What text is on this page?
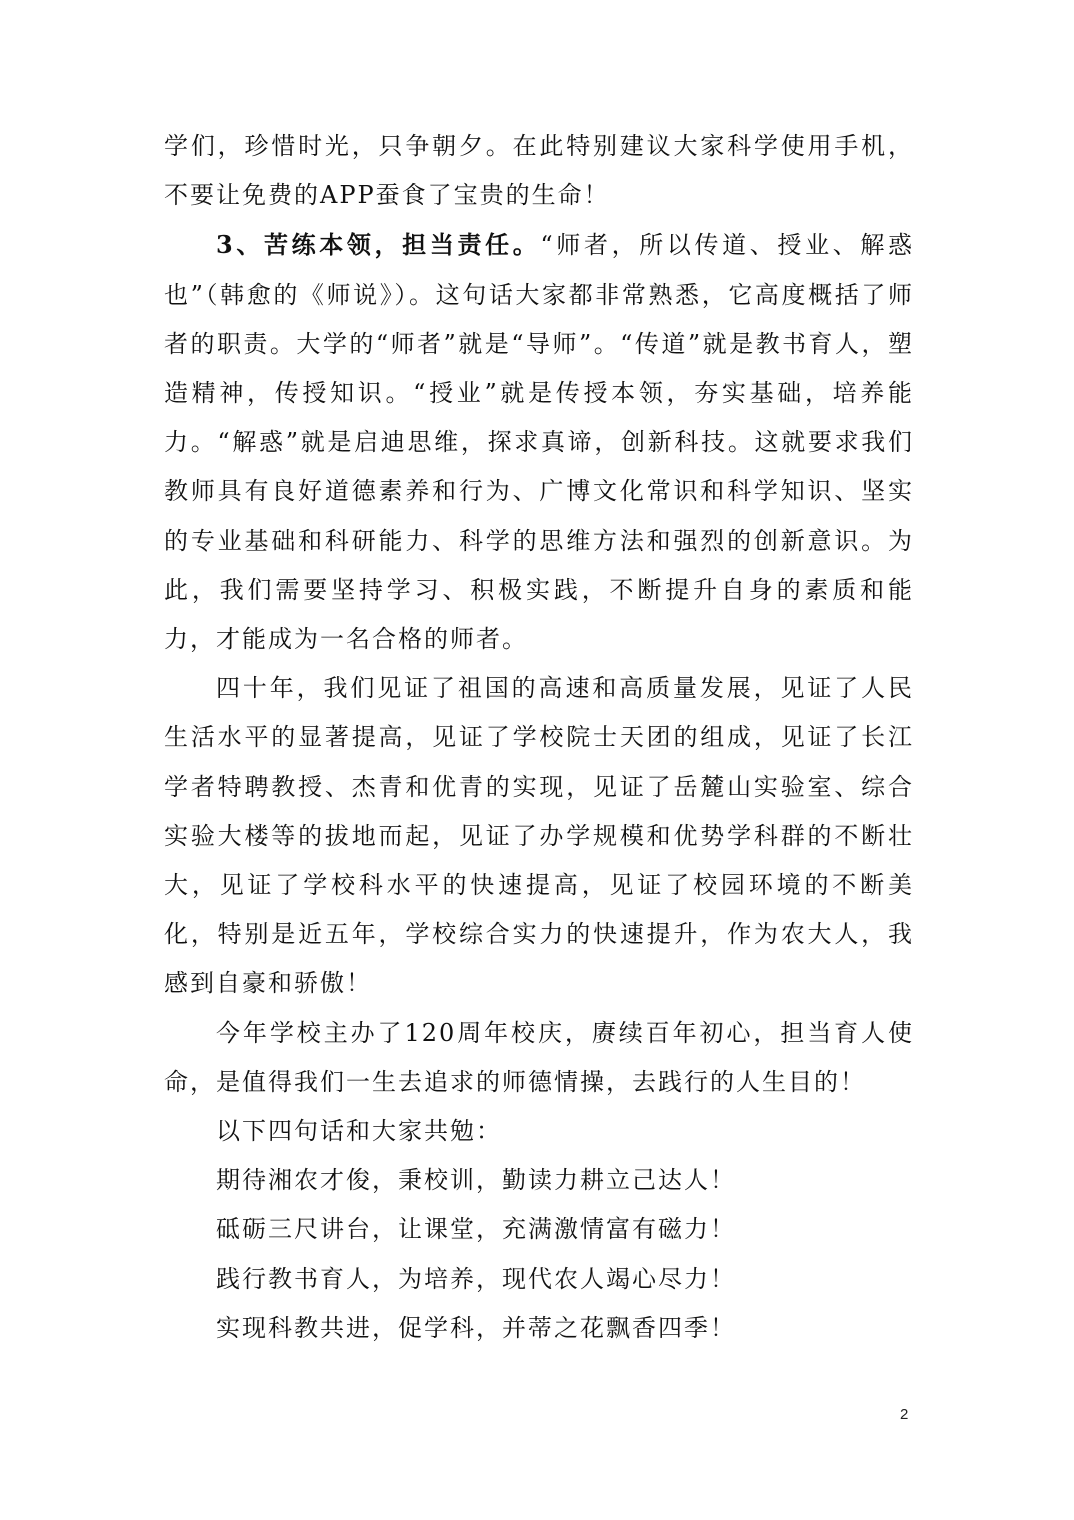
学们，珍惜时光，只争朝夕。在此特别建议大家科学使用手机，不要让免费的APP蚕食了宝贵的生命！

3、苦练本领，担当责任。“师者，所以传道、授业、解惑也”（韩愈的《师说》）。这句话大家都非常熟悉，它高度概括了师者的职责。大学的“师者”就是“导师”。“传道”就是教书育人，塑造精神，传授知识。“授业”就是传授本领，夯实基础，培养能力。“解惑”就是启迪思维，探求真谛，创新科技。这就要求我们教师具有良好道德素养和行为、广博文化常识和科学知识、坚实的专业基础和科研能力、科学的思维方法和强烈的创新意识。为此，我们需要坚持学习、积极实践，不断提升自身的素质和能力，才能成为一名合格的师者。

四十年，我们见证了祖国的高速和高质量发展，见证了人民生活水平的显著提高，见证了学校院士天团的组成，见证了长江学者特聘教授、杰青和优青的实现，见证了岳麓山实验室、综合实验大楼等的拔地而起，见证了办学规模和优势学科群的不断壮大，见证了学校科水平的快速提高，见证了校园环境的不断美化，特别是近五年，学校综合实力的快速提升，作为农大人，我感到自豪和骄傲！

今年学校主办了120周年校庆，赓续百年初心，担当育人使命，是值得我们一生去追求的师德情操，去践行的人生目的！

以下四句话和大家共勉：

期待湘农才俊，秉校训，勤读力耕立己达人！

砥砺三尺讲台，让课堂，充满激情富有磁力！

践行教书育人，为培养，现代农人竭心尽力！

实现科教共进，促学科，并蒂之花飘香四季！

2
